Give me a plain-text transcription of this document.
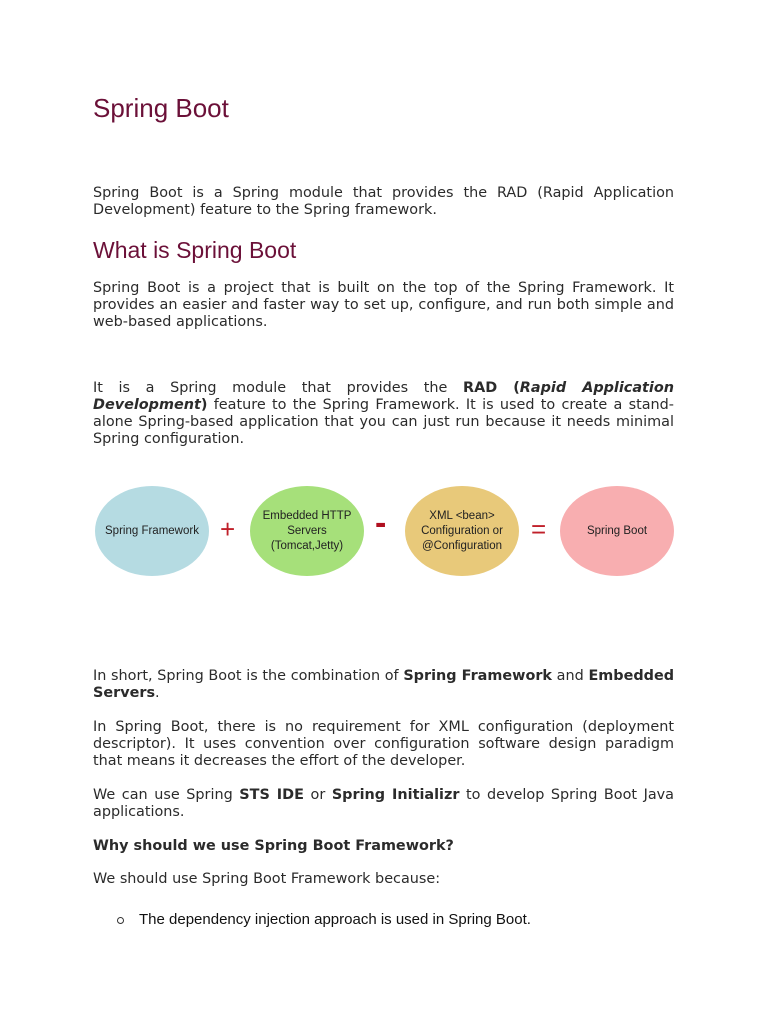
Spring Boot

Spring Boot is a Spring module that provides the RAD (Rapid Application Development) feature to the Spring framework.

What is Spring Boot

Spring Boot is a project that is built on the top of the Spring Framework. It provides an easier and faster way to set up, configure, and run both simple and web-based applications.

It is a Spring module that provides the RAD (Rapid Application Development) feature to the Spring Framework. It is used to create a stand-alone Spring-based application that you can just run because it needs minimal Spring configuration.

In short, Spring Boot is the combination of Spring Framework and Embedded Servers.

In Spring Boot, there is no requirement for XML configuration (deployment descriptor). It uses convention over configuration software design paradigm that means it decreases the effort of the developer.

We can use Spring STS IDE or Spring Initializr to develop Spring Boot Java applications.

Why should we use Spring Boot Framework?

We should use Spring Boot Framework because:

Spring Framework + Embedded HTTP Servers (Tomcat,Jetty)
-	XML <bean> Configuration or @Configuration
=	Spring Boot
The dependency injection approach is used in Spring Boot.
